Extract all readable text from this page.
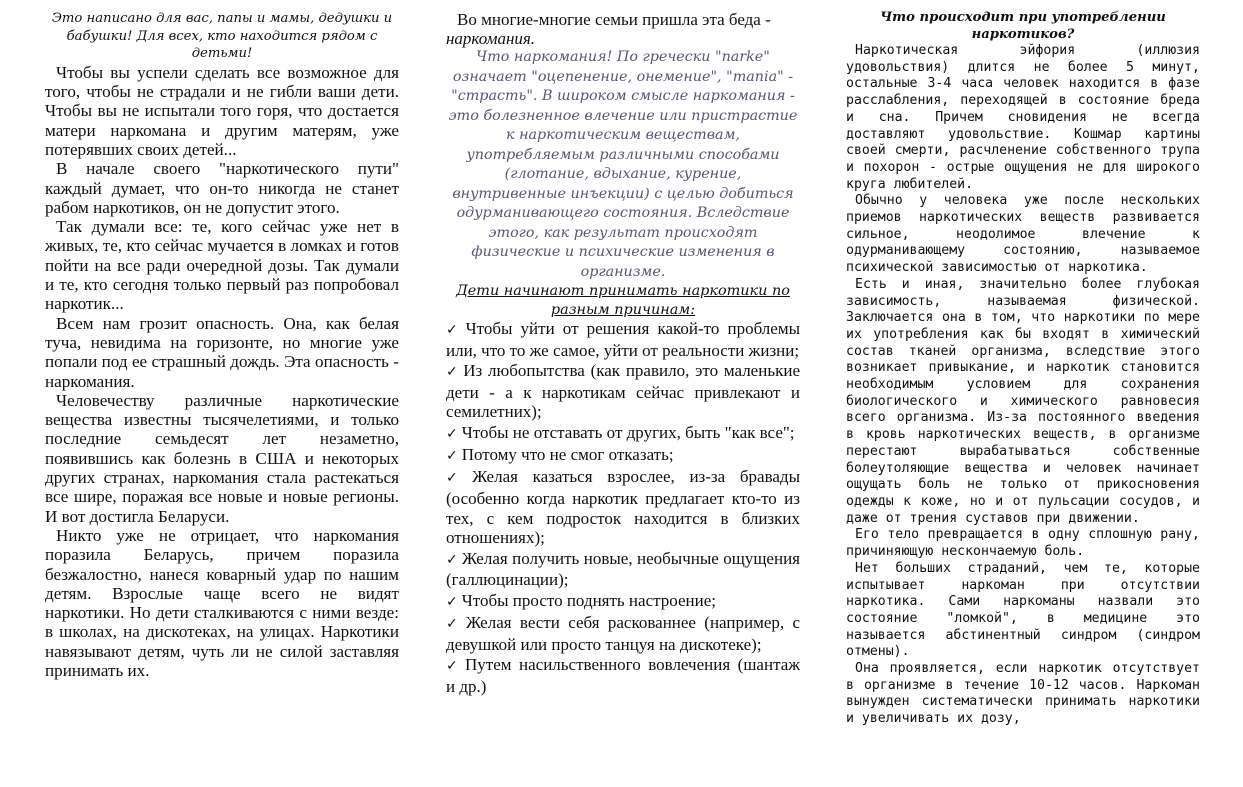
Это написано для вас, папы и мамы, дедушки и бабушки! Для всех, кто находится рядом с детьми!

Чтобы вы успели сделать все возможное для того, чтобы не страдали и не гибли ваши дети. Чтобы вы не испытали того горя, что достается матери наркомана и другим матерям, уже потерявших своих детей...

В начале своего "наркотического пути" каждый думает, что он-то никогда не станет рабом наркотиков, он не допустит этого.

Так думали все: те, кого сейчас уже нет в живых, те, кто сейчас мучается в ломках и готов пойти на все ради очередной дозы. Так думали и те, кто сегодня только первый раз попробовал наркотик...

Всем нам грозит опасность. Она, как белая туча, невидима на горизонте, но многие уже попали под ее страшный дождь. Эта опасность - наркомания.

Человечеству различные наркотические вещества известны тысячелетиями, и только последние семьдесят лет незаметно, появившись как болезнь в США и некоторых других странах, наркомания стала растекаться все шире, поражая все новые и новые регионы. И вот достигла Беларуси.

Никто уже не отрицает, что наркомания поразила Беларусь, причем поразила безжалостно, нанеся коварный удар по нашим детям. Взрослые чаще всего не видят наркотики. Но дети сталкиваются с ними везде: в школах, на дискотеках, на улицах. Наркотики навязывают детям, чуть ли не силой заставляя принимать их.

Во многие-многие семьи пришла эта беда - наркомания.

Что наркомания! По гречески "narke" означает "оцепенение, онемение", "mania" - "страсть". В широком смысле наркомания - это болезненное влечение или пристрастие к наркотическим веществам, употребляемым различными способами (глотание, вдыхание, курение, внутривенные инъекции) с целью добиться одурманивающего состояния. Вследствие этого, как результат происходят физические и психические изменения в организме.

Дети начинают принимать наркотики по разным причинам:

✓ Чтобы уйти от решения какой-то проблемы или, что то же самое, уйти от реальности жизни;
✓ Из любопытства (как правило, это маленькие дети - а к наркотикам сейчас привлекают и семилетних);
✓ Чтобы не отставать от других, быть "как все";
✓ Потому что не смог отказать;
✓ Желая казаться взрослее, из-за бравады (особенно когда наркотик предлагает кто-то из тех, с кем подросток находится в близких отношениях);
✓ Желая получить новые, необычные ощущения (галлюцинации);
✓ Чтобы просто поднять настроение;
✓ Желая вести себя раскованнее (например, с девушкой или просто танцуя на дискотеке);
✓ Путем насильственного вовлечения (шантаж и др.)

Что происходит при употреблении наркотиков?

Наркотическая эйфория (иллюзия удовольствия) длится не более 5 минут, остальные 3-4 часа человек находится в фазе расслабления, переходящей в состояние бреда и сна. Причем сновидения не всегда доставляют удовольствие. Кошмар картины своей смерти, расчленение собственного трупа и похорон - острые ощущения не для широкого круга любителей.

Обычно у человека уже после нескольких приемов наркотических веществ развивается сильное, неодолимое влечение к одурманивающему состоянию, называемое психической зависимостью от наркотика.

Есть и иная, значительно более глубокая зависимость, называемая физической. Заключается она в том, что наркотики по мере их употребления как бы входят в химический состав тканей организма, вследствие этого возникает привыкание, и наркотик становится необходимым условием для сохранения биологического и химического равновесия всего организма. Из-за постоянного введения в кровь наркотических веществ, в организме перестают вырабатываться собственные болеутоляющие вещества и человек начинает ощущать боль не только от прикосновения одежды к коже, но и от пульсации сосудов, и даже от трения суставов при движении.

Его тело превращается в одну сплошную рану, причиняющую нескончаемую боль.

Нет больших страданий, чем те, которые испытывает наркоман при отсутствии наркотика. Сами наркоманы назвали это состояние "ломкой", в медицине это называется абстинентный синдром (синдром отмены).

Она проявляется, если наркотик отсутствует в организме в течение 10-12 часов. Наркоман вынужден систематически принимать наркотики и увеличивать их дозу,
